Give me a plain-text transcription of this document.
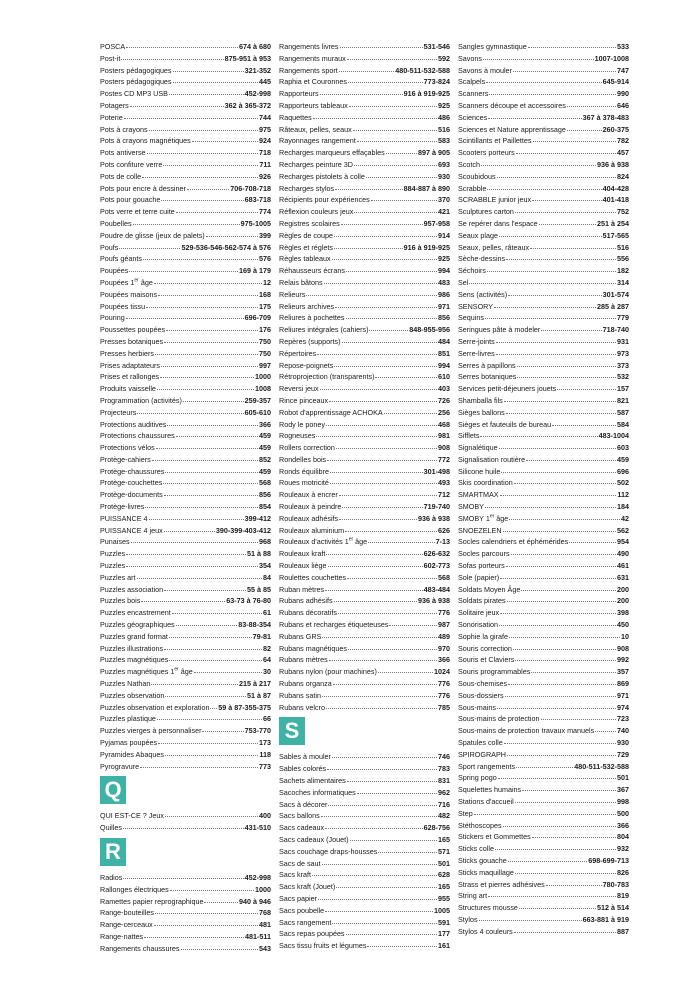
POSCA	674 à 680
Post-it	875-951 à 953
Posters pédagogiques	321-352
Posters pédagogiques	445
Postes CD MP3 USB	452-998
Potagers	362 à 365-372
Poterie	744
Pots à crayons	975
Pots à crayons magnétiques	924
Pots antiverse	718
Pots confiture verre	711
Pots de colle	926
Pots pour encre à dessiner	706-708-718
Pots pour gouache	683-718
Pots verre et terre cuite	774
Poubelles	975-1005
Poudre de glisse (jeux de palets)	399
Poufs	529-536-546-562-574 à 576
Poufs géants	576
Poupées	169 à 179
Poupées 1er âge	12
Poupées maisons	168
Poupées tissu	175
Pouring	696-709
Poussettes poupées	176
Presses botaniques	750
Presses herbiers	750
Prises adaptateurs	997
Prises et rallonges	1000
Produits vaisselle	1008
Programmation (activités)	259-357
Projecteurs	605-610
Protections auditives	366
Protections chaussures	459
Protections vélos	459
Protège-cahiers	852
Protège-chaussures	459
Protège-couchettes	568
Protège-documents	856
Protège-livres	854
PUISSANCE 4	399-412
PUISSANCE 4 jeux	390-399-403-412
Punaises	968
Puzzles	51 à 88
Puzzles	354
Puzzles art	84
Puzzles association	55 à 85
Puzzles bois	63-73 à 76-80
Puzzles encastrement	61
Puzzles géographiques	83-88-354
Puzzles grand format	79-81
Puzzles illustrations	82
Puzzles magnétiques	64
Puzzles magnétiques 1er âge	30
Puzzles Nathan	215 à 217
Puzzles observation	51 à 87
Puzzles observation et exploration 59 à 87-355-375
Puzzles plastique	66
Puzzles vierges à personnaliser	753-770
Pyjamas poupées	173
Pyramides Abaques	118
Pyrogravure	773
Q
QUI EST-CE ? Jeux	400
Quilles	431-510
R
Radios	452-998
Rallonges électriques	1000
Ramettes papier reprographique	940 à 946
Range-bouteilles	768
Range-cerceaux	481
Range-nattes	481-511
Rangements chaussures	543
Rangements livres	531-546
Rangements muraux	592
Rangements sport	480-511-532-588
Raphia et Couronnes	773-824
Rapporteurs	916 à 919-925
Rapporteurs tableaux	925
Raquettes	486
Râteaux, pelles, seaux	516
Rayonnages rangement	583
Recharges marqueurs effaçables	897 à 905
Recharges peinture 3D	693
Recharges pistolets à colle	930
Recharges stylos	884-887 à 890
Récipients pour expériences	370
Réflexion couleurs jeux	421
Registres scolaires	957-958
Règles de coupe	914
Règles et réglets	916 à 919-925
Règles tableaux	925
Réhausseurs écrans	994
Relais bâtons	483
Relieurs	986
Relieurs archives	971
Reliures à pochettes	856
Reliures intégrales (cahiers)	848-955-956
Repères (supports)	484
Répertoires	851
Repose-poignets	994
Rétroprojection (transparents)	610
Reversi jeux	403
Rince pinceaux	726
Robot d'apprentissage ACHOKA	256
Rody le poney	468
Rogneuses	981
Rollers correction	908
Rondelles bois	772
Ronds équilibre	301-498
Roues motricité	493
Rouleaux à encrer	712
Rouleaux à peindre	719-740
Rouleaux adhésifs	936 à 938
Rouleaux aluminium	626
Rouleaux d'activités 1er âge	7-13
Rouleaux kraft	626-632
Rouleaux liège	602-773
Roulettes couchettes	568
Ruban mètres	483-484
Rubans adhésifs	936 à 938
Rubans décoratifs	776
Rubans et recharges étiqueteuses	987
Rubans GRS	489
Rubans magnétiques	970
Rubans mètres	366
Rubans nylon (pour machines)	1024
Rubans organza	776
Rubans satin	776
Rubans velcro	785
S
Sables à mouler	746
Sables colorés	783
Sachets alimentaires	831
Sacoches informatiques	962
Sacs à décorer	716
Sacs ballons	482
Sacs cadeaux	628-756
Sacs cadeaux (Jouet)	165
Sacs couchage draps-housses	571
Sacs de saut	501
Sacs kraft	628
Sacs kraft (Jouet)	165
Sacs papier	955
Sacs poubelle	1005
Sacs rangement	591
Sacs repas poupées	177
Sacs tissu fruits et légumes	161
Sangles gymnastique	533
Savons	1007-1008
Savons à mouler	747
Scalpels	645-914
Scanners	990
Scanners découpe et accessoires	646
Sciences	367 à 378-483
Sciences et Nature apprentissage	260-375
Scintillants et Paillettes	782
Scooters porteurs	457
Scotch	936 à 938
Scoubidous	824
Scrabble	404-428
SCRABBLE junior jeux	401-418
Sculptures carton	752
Se repérer dans l'espace	251 à 254
Seaux plage	517-565
Seaux, pelles, râteaux	516
Sèche-dessins	556
Séchoirs	182
Sel	314
Sens (activités)	301-574
SENSORY	285 à 287
Sequins	779
Seringues pâte à modeler	718-740
Serre-joints	931
Serre-livres	973
Serres à papillons	373
Serres botaniques	532
Services petit-déjeuners jouets	157
Shamballa fils	821
Sièges ballons	587
Sièges et fauteuils de bureau	584
Sifflets	483-1004
Signalétique	603
Signalisation routière	459
Silicone huile	696
Skis coordination	502
SMARTMAX	112
SMOBY	184
SMOBY 1er âge	42
SNOEZELEN	562
Socles calendriers et éphémérides	954
Socles parcours	490
Sofas porteurs	461
Sole (papier)	631
Soldats Moyen Âge	200
Soldats pirates	200
Solitaire jeux	398
Sonorisation	450
Sophie la girafe	10
Souris correction	908
Souris et Claviers	992
Souris programmables	357
Sous-chemises	869
Sous-dossiers	971
Sous-mains	974
Sous-mains de protection	723
Sous-mains de protection travaux manuels	740
Spatules colle	930
SPIROGRAPH	729
Sport rangements	480-511-532-588
Spring pogo	501
Squelettes humains	367
Stations d'accueil	998
Step	500
Stéthoscopes	366
Stickers et Gommettes	804
Sticks colle	932
Sticks gouache	698-699-713
Sticks maquillage	826
Strass et pierres adhésives	780-783
String art	819
Structures mousse	512 à 514
Stylos	663-881 à 919
Stylos 4 couleurs	887
